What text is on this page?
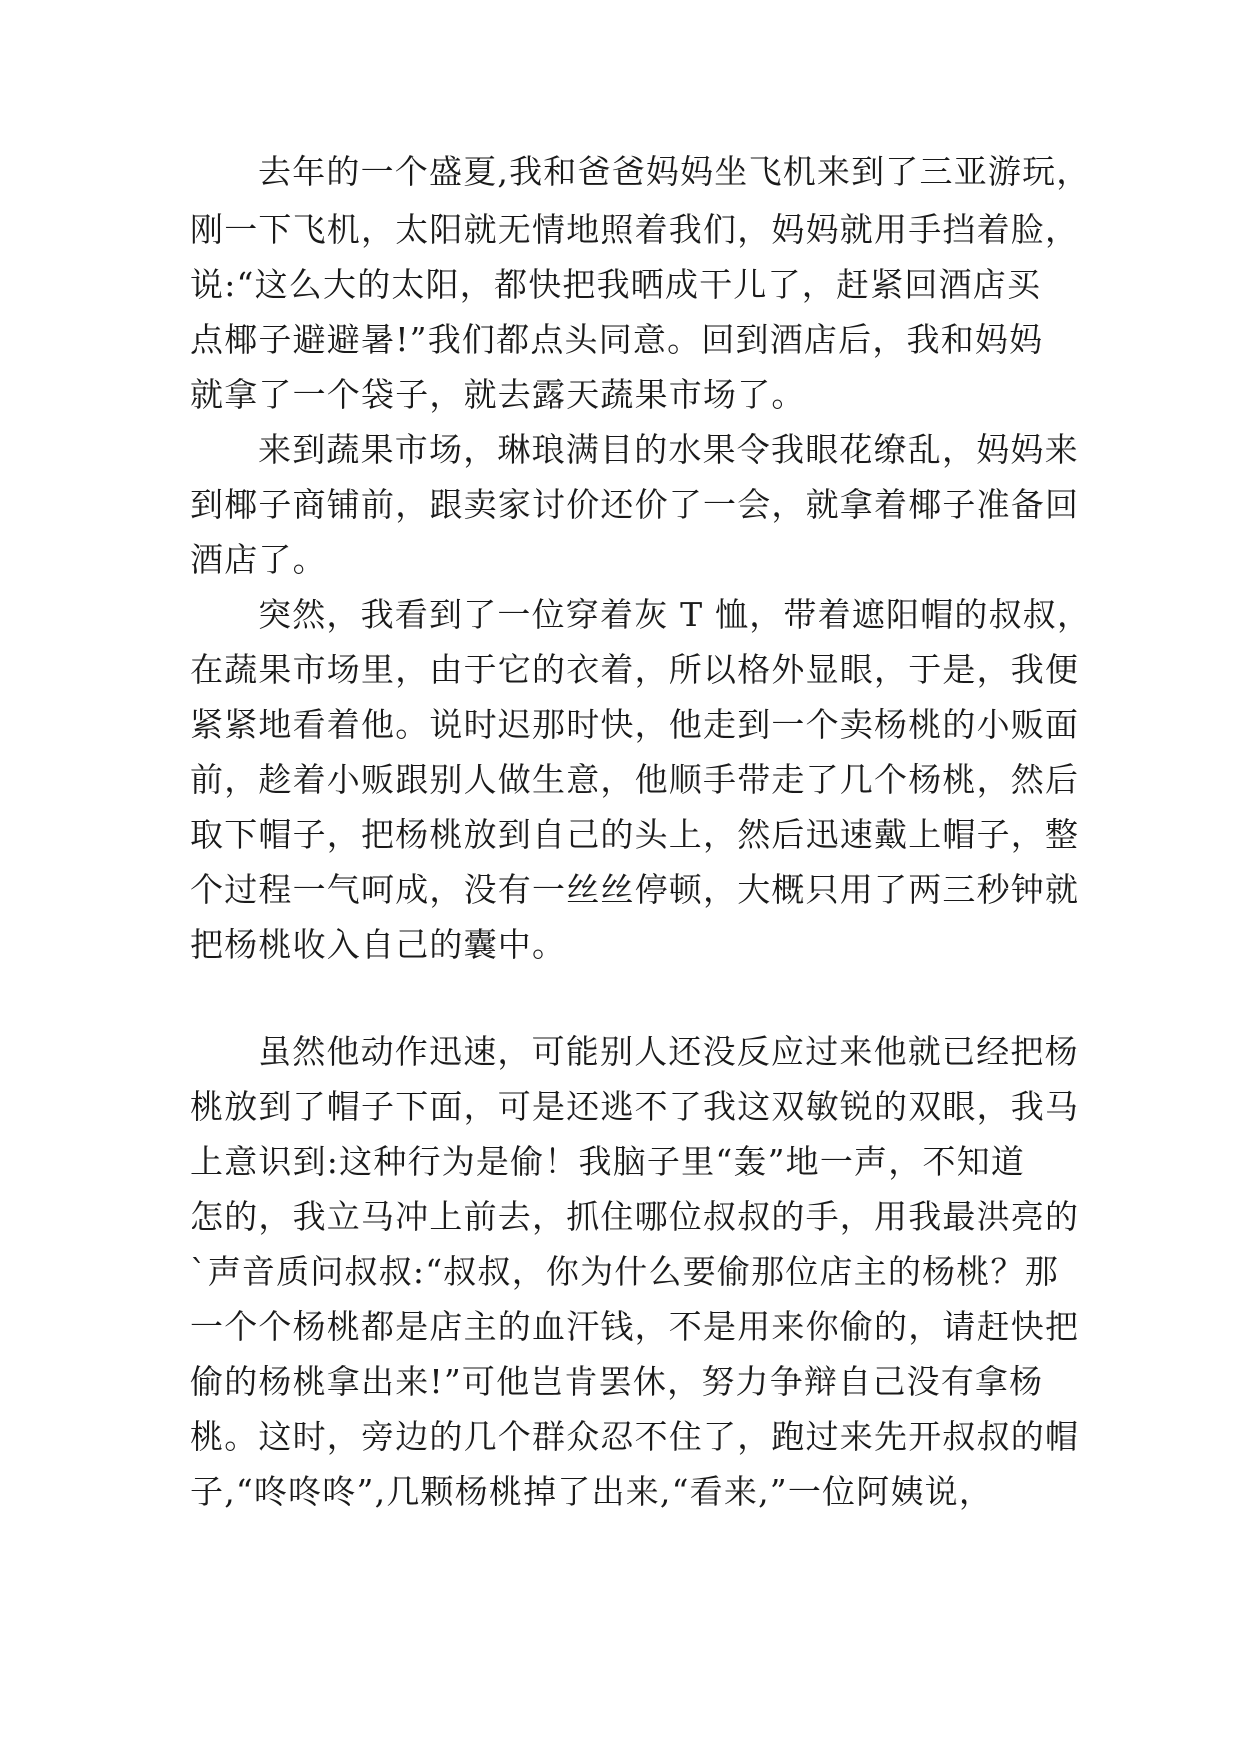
去年的一个盛夏,我和爸爸妈妈坐飞机来到了三亚游玩，
刚一下飞机，太阳就无情地照着我们，妈妈就用手挡着脸，
说:“这么大的太阳，都快把我晒成干儿了，赶紧回酒店买
点椰子避避暑!”我们都点头同意。回到酒店后，我和妈妈
就拿了一个袋子，就去露天蔬果市场了。
来到蔬果市场，琳琅满目的水果令我眼花缭乱，妈妈来
到椰子商铺前，跟卖家讨价还价了一会，就拿着椰子准备回
酒店了。
突然，我看到了一位穿着灰 T 恤，带着遮阳帽的叔叔，
在蔬果市场里，由于它的衣着，所以格外显眼，于是，我便
紧紧地看着他。说时迟那时快，他走到一个卖杨桃的小贩面
前，趁着小贩跟别人做生意，他顺手带走了几个杨桃，然后
取下帽子，把杨桃放到自己的头上，然后迅速戴上帽子，整
个过程一气呵成，没有一丝丝停顿，大概只用了两三秒钟就
把杨桃收入自己的囊中。
虽然他动作迅速，可能别人还没反应过来他就已经把杨
桃放到了帽子下面，可是还逃不了我这双敏锐的双眼，我马
上意识到:这种行为是偷！我脑子里“轰”地一声，不知道
怎的，我立马冲上前去，抓住哪位叔叔的手，用我最洪亮的
`声音质问叔叔:“叔叔，你为什么要偷那位店主的杨桃？那
一个个杨桃都是店主的血汗钱，不是用来你偷的，请赶快把
偷的杨桃拿出来!”可他岂肯罢休，努力争辩自己没有拿杨
桃。这时，旁边的几个群众忍不住了，跑过来先开叔叔的帽
子,“咚咚咚”,几颗杨桃掉了出来,“看来,”一位阿姨说，
